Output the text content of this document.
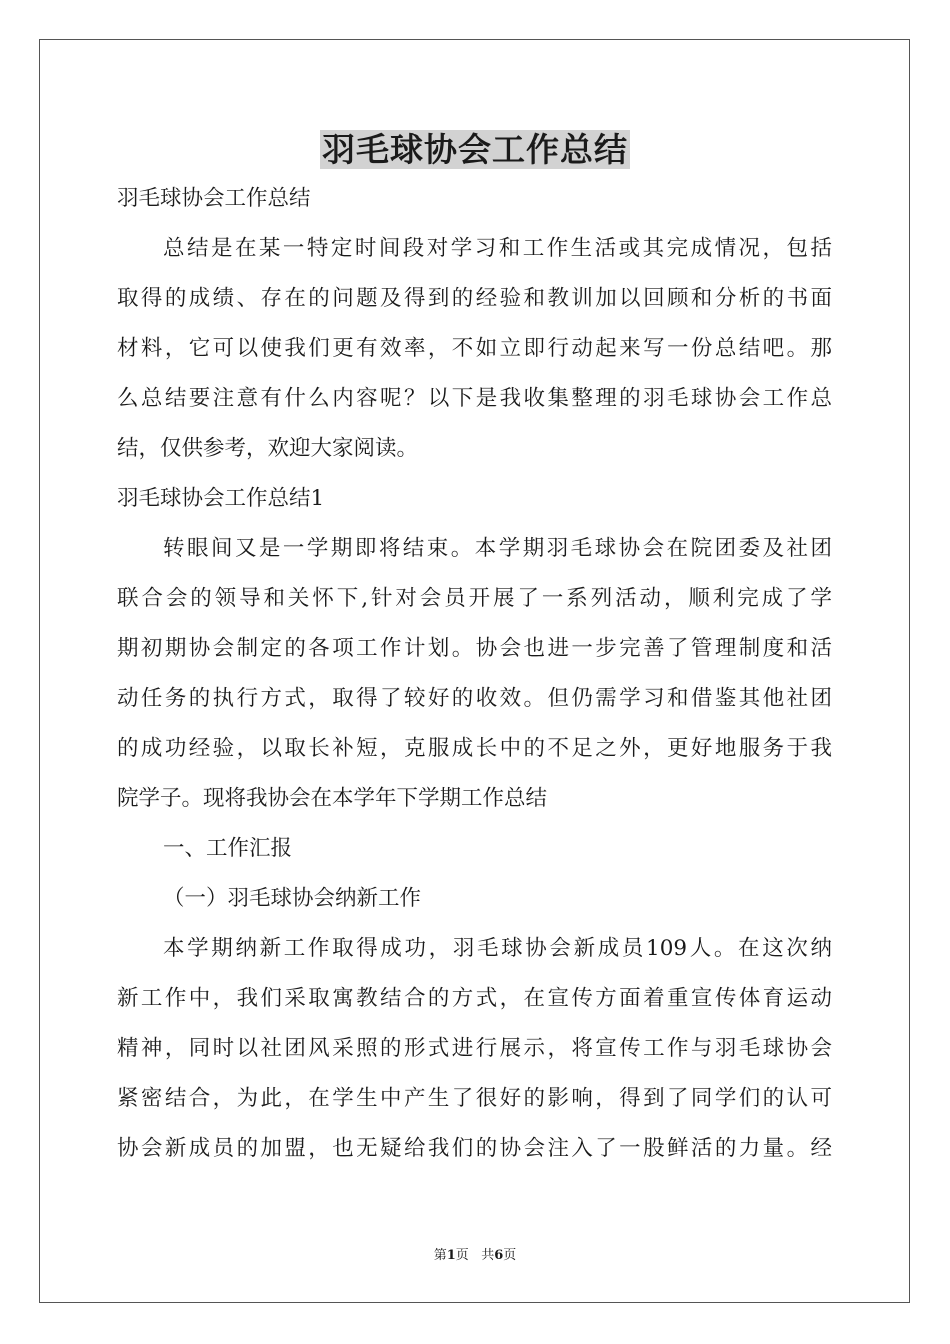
羽毛球协会工作总结
羽毛球协会工作总结
总结是在某一特定时间段对学习和工作生活或其完成情况，包括
取得的成绩、存在的问题及得到的经验和教训加以回顾和分析的书面
材料，它可以使我们更有效率，不如立即行动起来写一份总结吧。那
么总结要注意有什么内容呢？以下是我收集整理的羽毛球协会工作总
结，仅供参考，欢迎大家阅读。
羽毛球协会工作总结1
转眼间又是一学期即将结束。本学期羽毛球协会在院团委及社团
联合会的领导和关怀下,针对会员开展了一系列活动，顺利完成了学
期初期协会制定的各项工作计划。协会也进一步完善了管理制度和活
动任务的执行方式，取得了较好的收效。但仍需学习和借鉴其他社团
的成功经验，以取长补短，克服成长中的不足之外，更好地服务于我
院学子。现将我协会在本学年下学期工作总结
一、工作汇报
（一）羽毛球协会纳新工作
本学期纳新工作取得成功，羽毛球协会新成员109人。在这次纳
新工作中，我们采取寓教结合的方式，在宣传方面着重宣传体育运动
精神，同时以社团风采照的形式进行展示，将宣传工作与羽毛球协会
紧密结合，为此，在学生中产生了很好的影响，得到了同学们的认可
协会新成员的加盟，也无疑给我们的协会注入了一股鲜活的力量。经
第1页 共6页
